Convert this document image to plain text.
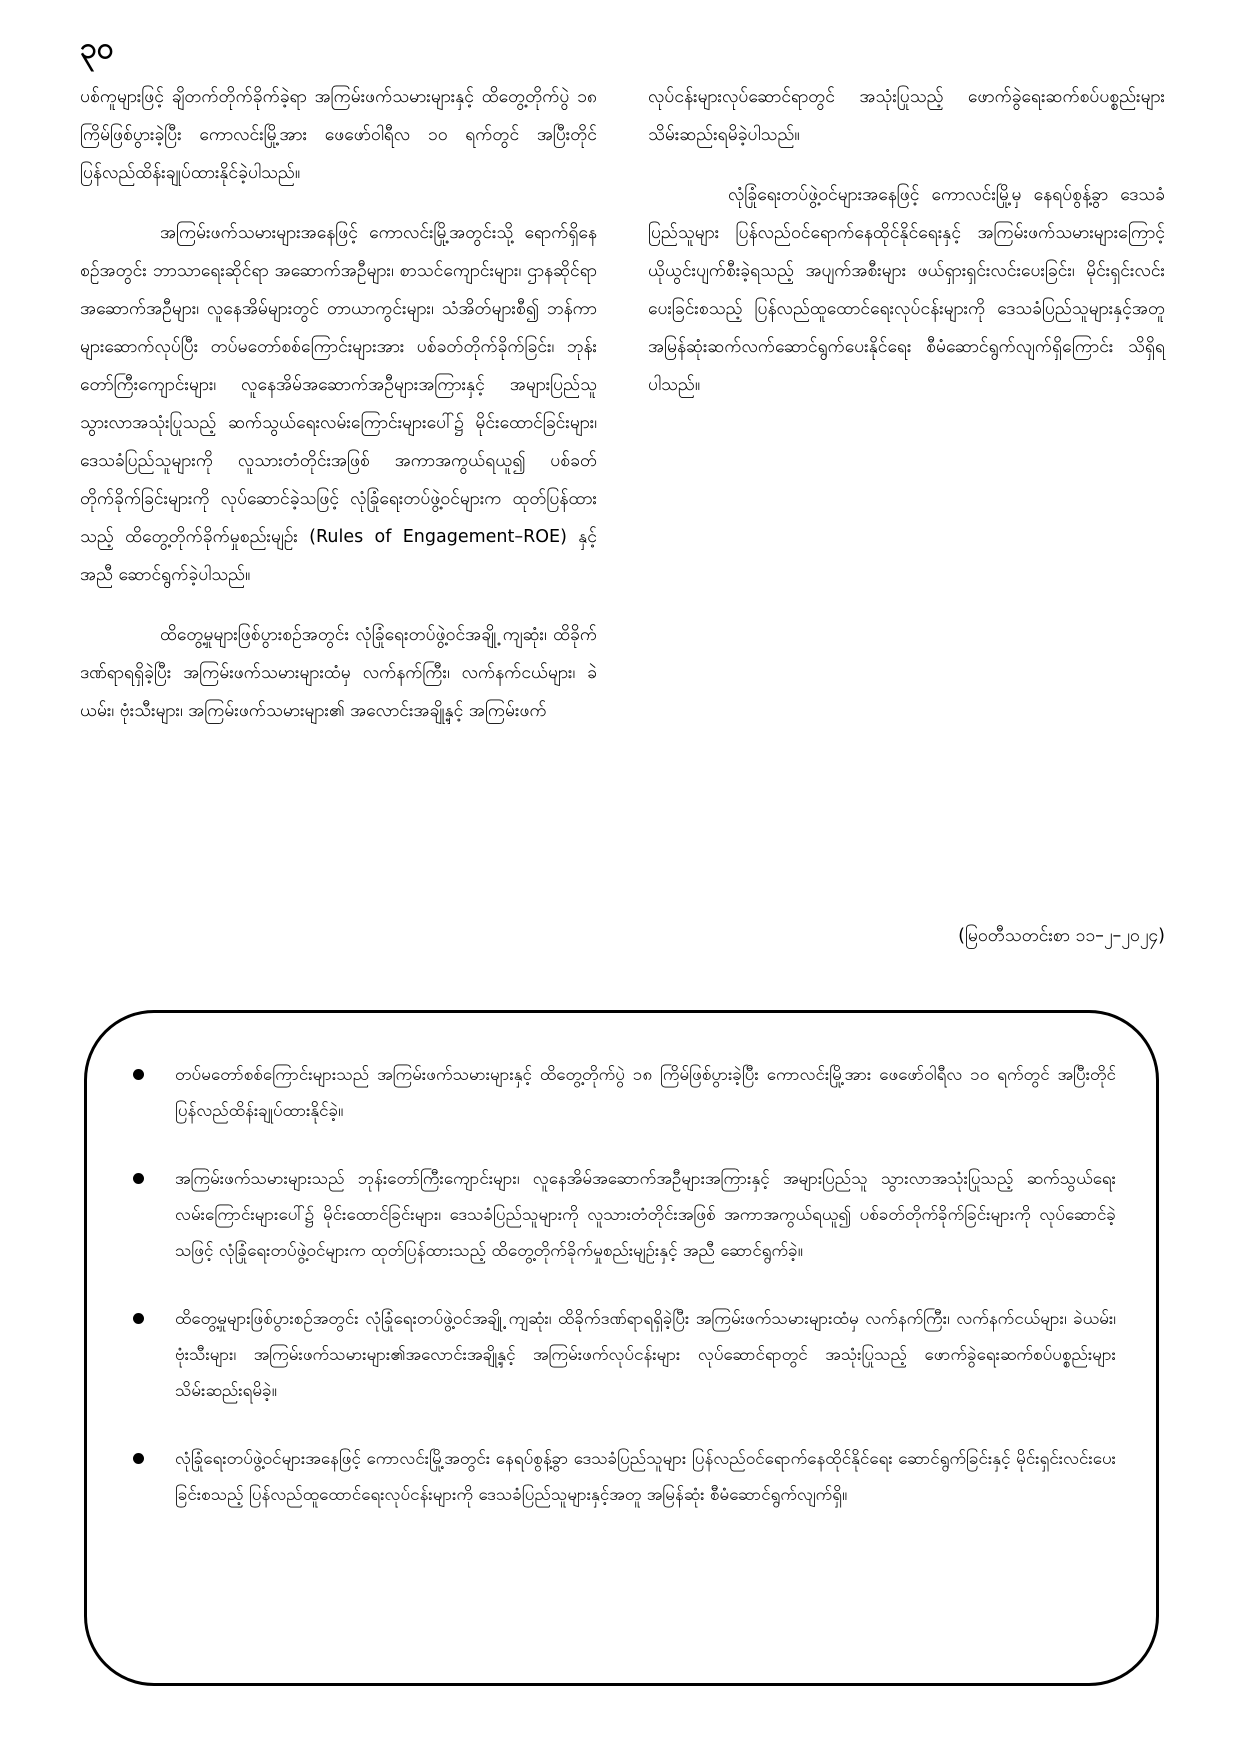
၃၀

ပစ်ကူများဖြင့် ချိတက်တိုက်ခိုက်ခဲ့ရာ အကြမ်းဖက်သမားများနှင့် ထိတွေ့တိုက်ပွဲ ၁၈ ကြိမ်ဖြစ်ပွားခဲ့ပြီး ကောလင်းမြို့အား ဖေဖော်ဝါရီလ ၁၀ ရက်တွင် အပြီးတိုင် ပြန်လည်ထိန်းချုပ်ထားနိုင်ခဲ့ပါသည်။

အကြမ်းဖက်သမားများအနေဖြင့် ကောလင်းမြို့အတွင်းသို့ ရောက်ရှိနေစဉ်အတွင်း ဘာသာရေးဆိုင်ရာ အဆောက်အဦများ၊ စာသင်ကျောင်းများ၊ ဌာနဆိုင်ရာအဆောက်အဦများ၊ လူနေအိမ်များတွင် တာယာကွင်းများ၊ သံအိတ်များစီ၍ ဘန်ကာများဆောက်လုပ်ပြီး တပ်မတော်စစ်ကြောင်းများအား ပစ်ခတ်တိုက်ခိုက်ခြင်း၊ ဘုန်းတော်ကြီးကျောင်းများ၊ လူနေအိမ်အဆောက်အဦများအကြားနှင့် အများပြည်သူ သွားလာအသုံးပြုသည့် ဆက်သွယ်ရေးလမ်းကြောင်းများပေါ်၌ မိုင်းထောင်ခြင်းများ၊ ဒေသခံပြည်သူများကို လူသားတံတိုင်းအဖြစ် အကာအကွယ်ရယူ၍ ပစ်ခတ်တိုက်ခိုက်ခြင်းများကို လုပ်ဆောင်ခဲ့သဖြင့် လုံခြုံရေးတပ်ဖွဲ့ဝင်များက ထုတ်ပြန်ထားသည့် ထိတွေ့တိုက်ခိုက်မှုစည်းမျဉ်း (Rules of Engagement–ROE) နှင့်အညီ ဆောင်ရွက်ခဲ့ပါသည်။

ထိတွေ့မှုများဖြစ်ပွားစဉ်အတွင်း လုံခြုံရေးတပ်ဖွဲ့ဝင်အချို့ ကျဆုံး၊ ထိခိုက်ဒဏ်ရာရရှိခဲ့ပြီး အကြမ်းဖက်သမားများထံမှ လက်နက်ကြီး၊ လက်နက်ငယ်များ၊ ခဲယမ်း၊ ဗုံးသီးများ၊ အကြမ်းဖက်သမားများ၏ အလောင်းအချို့နှင့် အကြမ်းဖက်

လုပ်ငန်းများလုပ်ဆောင်ရာတွင် အသုံးပြုသည့် ဖောက်ခွဲရေးဆက်စပ်ပစ္စည်းများ သိမ်းဆည်းရမိခဲ့ပါသည်။

လုံခြုံရေးတပ်ဖွဲ့ဝင်များအနေဖြင့် ကောလင်းမြို့မှ နေရပ်စွန့်ခွာ ဒေသခံပြည်သူများ ပြန်လည်ဝင်ရောက်နေထိုင်နိုင်ရေးနှင့် အကြမ်းဖက်သမားများကြောင့် ယိုယွင်းပျက်စီးခဲ့ရသည့် အပျက်အစီးများ ဖယ်ရှားရှင်းလင်းပေးခြင်း၊ မိုင်းရှင်းလင်းပေးခြင်းစသည့် ပြန်လည်ထူထောင်ရေးလုပ်ငန်းများကို ဒေသခံပြည်သူများနှင့်အတူ အမြန်ဆုံးဆက်လက်ဆောင်ရွက်ပေးနိုင်ရေး စီမံဆောင်ရွက်လျက်ရှိကြောင်း သိရှိရပါသည်။

(မြဝတီသတင်းစာ ၁၁–၂–၂၀၂၄)
တပ်မတော်စစ်ကြောင်းများသည် အကြမ်းဖက်သမားများနှင့် ထိတွေ့တိုက်ပွဲ ၁၈ ကြိမ်ဖြစ်ပွားခဲ့ပြီး ကောလင်းမြို့အား ဖေဖော်ဝါရီလ ၁၀ ရက်တွင် အပြီးတိုင် ပြန်လည်ထိန်းချုပ်ထားနိုင်ခဲ့။
အကြမ်းဖက်သမားများသည် ဘုန်းတော်ကြီးကျောင်းများ၊ လူနေအိမ်အဆောက်အဦများအကြားနှင့် အများပြည်သူ သွားလာအသုံးပြုသည့် ဆက်သွယ်ရေးလမ်းကြောင်းများပေါ်၌ မိုင်းထောင်ခြင်းများ၊ ဒေသခံပြည်သူများကို လူသားတံတိုင်းအဖြစ် အကာအကွယ်ရယူ၍ ပစ်ခတ်တိုက်ခိုက်ခြင်းများကို လုပ်ဆောင်ခဲ့သဖြင့် လုံခြုံရေးတပ်ဖွဲ့ဝင်များက ထုတ်ပြန်ထားသည့် ထိတွေ့တိုက်ခိုက်မှုစည်းမျဉ်းနှင့် အညီ ဆောင်ရွက်ခဲ့။
ထိတွေ့မှုများဖြစ်ပွားစဉ်အတွင်း လုံခြုံရေးတပ်ဖွဲ့ဝင်အချို့ ကျဆုံး၊ ထိခိုက်ဒဏ်ရာရရှိခဲ့ပြီး အကြမ်းဖက်သမားများထံမှ လက်နက်ကြီး၊ လက်နက်ငယ်များ၊ ခဲယမ်း၊ ဗုံးသီးများ၊ အကြမ်းဖက်သမားများ၏အလောင်းအချို့နှင့် အကြမ်းဖက်လုပ်ငန်းများ လုပ်ဆောင်ရာတွင် အသုံးပြုသည့် ဖောက်ခွဲရေးဆက်စပ်ပစ္စည်းများ သိမ်းဆည်းရမိခဲ့။
လုံခြုံရေးတပ်ဖွဲ့ဝင်များအနေဖြင့် ကောလင်းမြို့အတွင်း နေရပ်စွန့်ခွာ ဒေသခံပြည်သူများ ပြန်လည်ဝင်ရောက်နေထိုင်နိုင်ရေး ဆောင်ရွက်ခြင်းနှင့် မိုင်းရှင်းလင်းပေးခြင်းစသည့် ပြန်လည်ထူထောင်ရေးလုပ်ငန်းများကို ဒေသခံပြည်သူများနှင့်အတူ အမြန်ဆုံး စီမံဆောင်ရွက်လျက်ရှိ။
